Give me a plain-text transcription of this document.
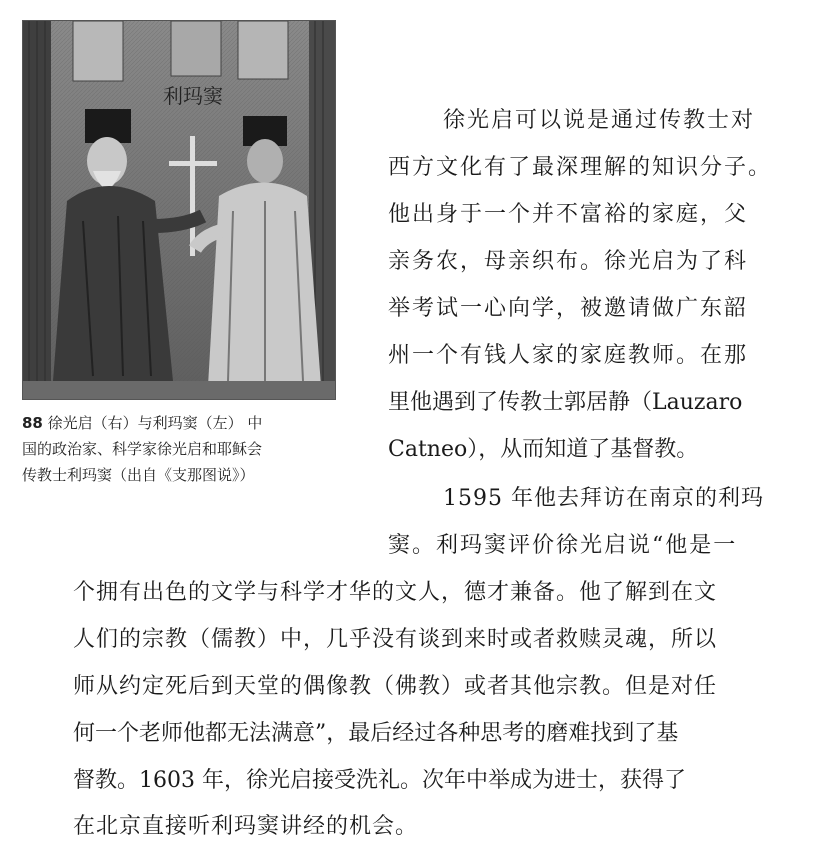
利玛窦
88 徐光启（右）与利玛窦（左） 中
国的政治家、科学家徐光启和耶稣会
传教士利玛窦（出自《支那图说》）
徐光启可以说是通过传教士对
西方文化有了最深理解的知识分子。
他出身于一个并不富裕的家庭，父
亲务农，母亲织布。徐光启为了科
举考试一心向学，被邀请做广东韶
州一个有钱人家的家庭教师。在那
里他遇到了传教士郭居静（Lauzaro
Catneo），从而知道了基督教。
1595 年他去拜访在南京的利玛
窦。利玛窦评价徐光启说“他是一
个拥有出色的文学与科学才华的文人，德才兼备。他了解到在文
人们的宗教（儒教）中，几乎没有谈到来时或者救赎灵魂，所以
师从约定死后到天堂的偶像教（佛教）或者其他宗教。但是对任
何一个老师他都无法满意”，最后经过各种思考的磨难找到了基
督教。1603 年，徐光启接受洗礼。次年中举成为进士，获得了
在北京直接听利玛窦讲经的机会。
